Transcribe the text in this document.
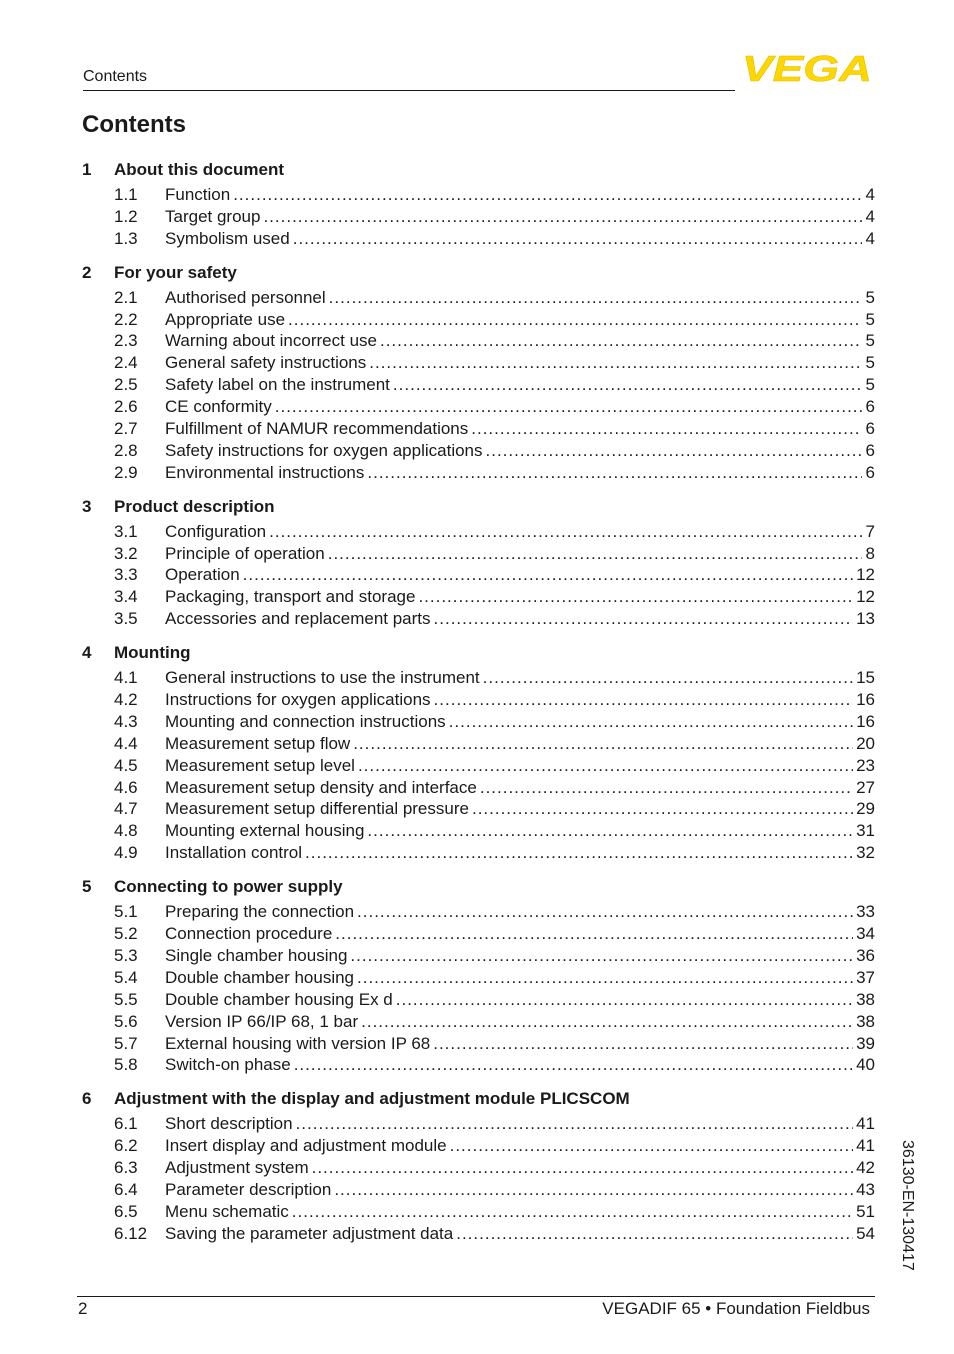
Contents	VEGA
Contents
1	About this document
1.1	Function .....	4
1.2	Target group .....	4
1.3	Symbolism used .....	4
2	For your safety
2.1	Authorised personnel .....	5
2.2	Appropriate use .....	5
2.3	Warning about incorrect use .....	5
2.4	General safety instructions .....	5
2.5	Safety label on the instrument .....	5
2.6	CE conformity .....	6
2.7	Fulfillment of NAMUR recommendations .....	6
2.8	Safety instructions for oxygen applications .....	6
2.9	Environmental instructions .....	6
3	Product description
3.1	Configuration .....	7
3.2	Principle of operation .....	8
3.3	Operation .....	12
3.4	Packaging, transport and storage .....	12
3.5	Accessories and replacement parts .....	13
4	Mounting
4.1	General instructions to use the instrument .....	15
4.2	Instructions for oxygen applications .....	16
4.3	Mounting and connection instructions .....	16
4.4	Measurement setup flow .....	20
4.5	Measurement setup level .....	23
4.6	Measurement setup density and interface .....	27
4.7	Measurement setup differential pressure .....	29
4.8	Mounting external housing .....	31
4.9	Installation control .....	32
5	Connecting to power supply
5.1	Preparing the connection .....	33
5.2	Connection procedure .....	34
5.3	Single chamber housing .....	36
5.4	Double chamber housing .....	37
5.5	Double chamber housing Ex d .....	38
5.6	Version IP 66/IP 68, 1 bar .....	38
5.7	External housing with version IP 68 .....	39
5.8	Switch-on phase .....	40
6	Adjustment with the display and adjustment module PLICSCOM
6.1	Short description .....	41
6.2	Insert display and adjustment module .....	41
6.3	Adjustment system .....	42
6.4	Parameter description .....	43
6.5	Menu schematic .....	51
6.12	Saving the parameter adjustment data .....	54 36130-EN-130417
2	VEGADIF 65 • Foundation Fieldbus
